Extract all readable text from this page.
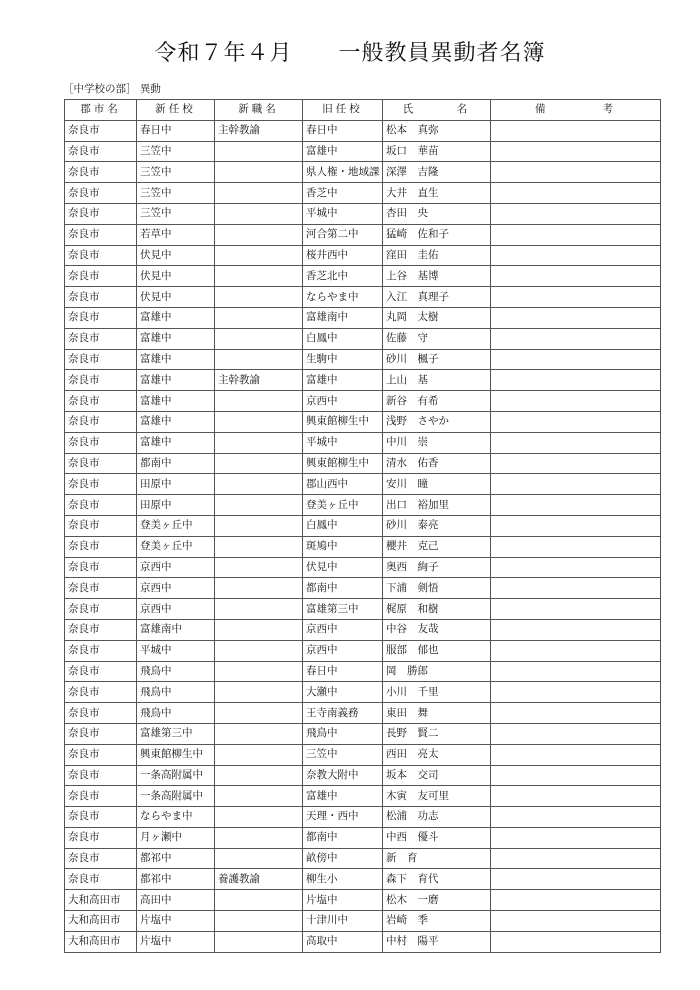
令和７年４月　　一般教員異動者名簿
［中学校の部］ 異動
郡市名	新任校	新職名	旧任校	氏　　　名	備　　　　考
奈良市	春日中	主幹教諭	春日中	松本　真弥	
奈良市	三笠中		富雄中	坂口　華苗	
奈良市	三笠中		県人権・地域課	深澤　吉隆	
奈良市	三笠中		香芝中	大井　直生	
奈良市	三笠中		平城中	杏田　央	
奈良市	若草中		河合第二中	猛崎　佐和子	
奈良市	伏見中		桜井西中	窪田　圭佑	
奈良市	伏見中		香芝北中	上谷　基博	
奈良市	伏見中		ならやま中	入江　真理子	
奈良市	富雄中		富雄南中	丸岡　太樹	
奈良市	富雄中		白鳳中	佐藤　守	
奈良市	富雄中		生駒中	砂川　楓子	
奈良市	富雄中	主幹教諭	富雄中	上山　基	
奈良市	富雄中		京西中	新谷　有希	
奈良市	富雄中		興東館柳生中	浅野　さやか	
奈良市	富雄中		平城中	中川　崇	
奈良市	都南中		興東館柳生中	清水　佑香	
奈良市	田原中		郡山西中	安川　瞳	
奈良市	田原中		登美ヶ丘中	出口　裕加里	
奈良市	登美ヶ丘中		白鳳中	砂川　泰亮	
奈良市	登美ヶ丘中		斑鳩中	櫻井　克己	
奈良市	京西中		伏見中	奥西　絢子	
奈良市	京西中		都南中	下浦　剣悟	
奈良市	京西中		富雄第三中	梶原　和樹	
奈良市	富雄南中		京西中	中谷　友哉	
奈良市	平城中		京西中	服部　郁也	
奈良市	飛鳥中		春日中	岡　勝郎	
奈良市	飛鳥中		大瀬中	小川　千里	
奈良市	飛鳥中		王寺南義務	東田　舞	
奈良市	富雄第三中		飛鳥中	長野　賢二	
奈良市	興東館柳生中		三笠中	西田　亮太	
奈良市	一条高附属中		奈教大附中	坂本　交司	
奈良市	一条高附属中		富雄中	木寅　友可里	
奈良市	ならやま中		天理・西中	松浦　功志	
奈良市	月ヶ瀬中		都南中	中西　優斗	
奈良市	都祁中		畝傍中	新　育	
奈良市	都祁中	養護教諭	柳生小	森下　育代	
大和高田市	高田中		片塩中	松木　一磨	
大和高田市	片塩中		十津川中	岩崎　季	
大和高田市	片塩中		高取中	中村　陽平	
